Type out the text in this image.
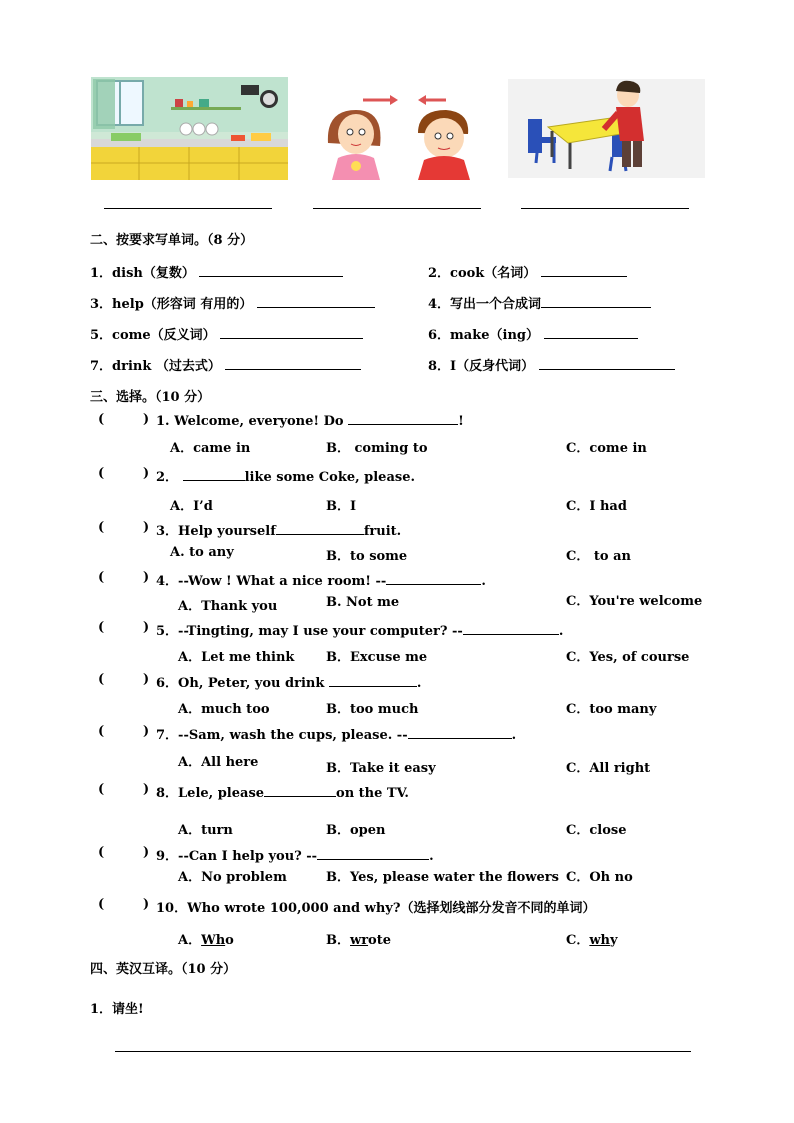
二、按要求写单词。（8 分）
1．dish（复数）	2．cook（名词）
3．help（形容词 有用的）	4．写出一个合成词
5．come（反义词）	6．make（ing）
7．drink （过去式）	8．I（反身代词）
三、选择。（10 分）
(	) 1. Welcome, everyone! Do	!
A．came in	B． coming to	C．come in
(	) 2．	like some Coke, please.
A．I’d	B．I	C．I had
(	) 3．Help yourself	fruit.
A. to any	B．to some	C． to an
(	) 4．--Wow ! What a nice room! --	.
A．Thank you	B. Not me	C．You're welcome
(	) 5．--Tingting, may I use your computer? --	.
A．Let me think B．Excuse me	C．Yes, of course
(	) 6．Oh, Peter, you drink	.
A．much too	B．too much	C．too many
(	) 7．--Sam, wash the cups, please. --	.
A．All here	B．Take it easy	C．All right
(	) 8．Lele, please	on the TV.
A．turn	B．open	C．close
(	) 9．--Can I help you? --	.
A．No problem	B．Yes, please water the flowers C．Oh no
(	) 10．Who wrote 100,000 and why?（选择划线部分发音不同的单词）
A．Who	B．wrote	C．why
四、英汉互译。（10 分）
1．请坐!
